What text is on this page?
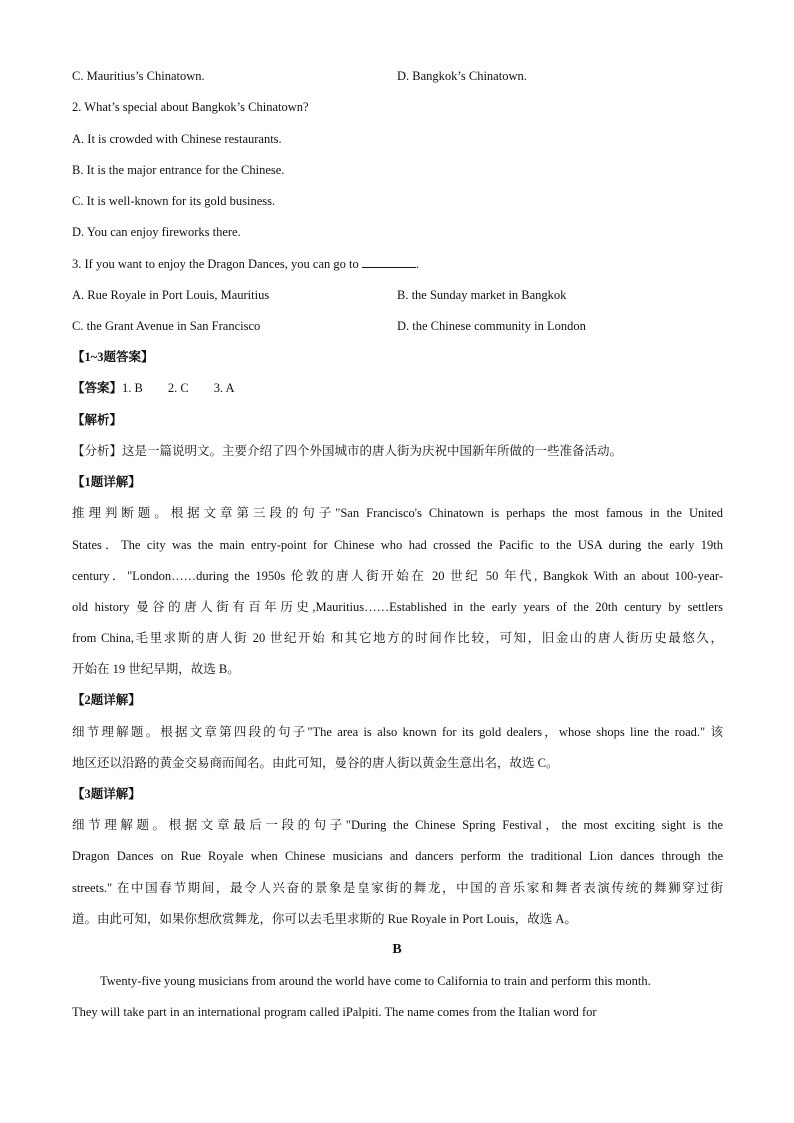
C. Mauritius’s Chinatown.	D. Bangkok’s Chinatown.
2. What’s special about Bangkok’s Chinatown?
A. It is crowded with Chinese restaurants.
B. It is the major entrance for the Chinese.
C. It is well-known for its gold business.
D. You can enjoy fireworks there.
3. If you want to enjoy the Dragon Dances, you can go to	.
A. Rue Royale in Port Louis, Mauritius	B. the Sunday market in Bangkok
C. the Grant Avenue in San Francisco	D. the Chinese community in London
【1~3题答案】
【答案】1. B        2. C        3. A
【解析】
【分析】这是一篇说明文。主要介绍了四个外国城市的唐人街为庆祝中国新年所做的一些准备活动。
【1题详解】
推理判断题。根据文章第三段的句子"San Francisco's Chinatown is perhaps the most famous in the United
States．The city was the main entry-point for Chinese who had crossed the Pacific to the USA during the early 19th
century．"London……during the 1950s 伦敦的唐人街开始在 20 世纪 50 年代, Bangkok With an about 100-year-
old history 曼谷的唐人街有百年历史,Mauritius……Established in the early years of the 20th century by settlers
from China,毛里求斯的唐人街 20 世纪开始 和其它地方的时间作比较，可知，旧金山的唐人街历史最悠久，
开始在 19 世纪早期，故选 B。
【2题详解】
细节理解题。根据文章第四段的句子"The area is also known for its gold dealers，whose shops line the road." 该
地区还以沿路的黄金交易商而闻名。由此可知，曼谷的唐人街以黄金生意出名，故选 C。
【3题详解】
细节理解题。根据文章最后一段的句子"During the Chinese Spring Festival，the most exciting sight is the
Dragon Dances on Rue Royale when Chinese musicians and dancers perform the traditional Lion dances through the
streets." 在中国春节期间，最令人兴奋的景象是皇家街的舞龙，中国的音乐家和舞者表演传统的舞狮穿过街
道。由此可知，如果你想欣赏舞龙，你可以去毛里求斯的 Rue Royale in Port Louis，故选 A。
B
Twenty-five young musicians from around the world have come to California to train and perform this month.
They will take part in an international program called iPalpiti. The name comes from the Italian word for
